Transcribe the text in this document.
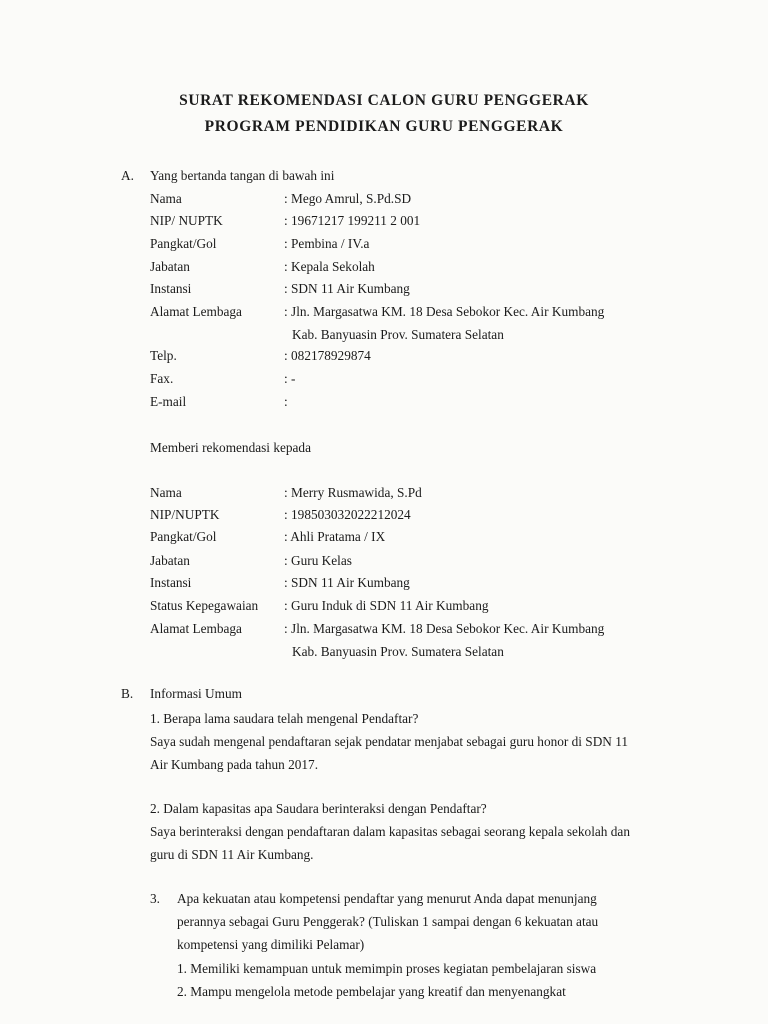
SURAT REKOMENDASI CALON GURU PENGGERAK
PROGRAM PENDIDIKAN GURU PENGGERAK
A. Yang bertanda tangan di bawah ini
Nama	: Mego Amrul, S.Pd.SD
NIP/ NUPTK	: 19671217 199211 2 001
Pangkat/Gol	: Pembina / IV.a
Jabatan	: Kepala Sekolah
Instansi	: SDN 11 Air Kumbang
Alamat Lembaga	: Jln. Margasatwa KM. 18 Desa Sebokor Kec. Air Kumbang
Kab. Banyuasin Prov. Sumatera Selatan
Telp.	: 082178929874
Fax.	: -
E-mail	:
Memberi rekomendasi kepada
Nama	: Merry Rusmawida, S.Pd
NIP/NUPTK	: 198503032022212024
Pangkat/Gol	: Ahli Pratama / IX
Jabatan	: Guru Kelas
Instansi	: SDN 11 Air Kumbang
Status Kepegawaian : Guru Induk di SDN 11 Air Kumbang
Alamat Lembaga	: Jln. Margasatwa KM. 18 Desa Sebokor Kec. Air Kumbang
Kab. Banyuasin Prov. Sumatera Selatan
B. Informasi Umum
1. Berapa lama saudara telah mengenal Pendaftar?
Saya sudah mengenal pendaftaran sejak pendatar menjabat sebagai guru honor di SDN 11
Air Kumbang pada tahun 2017.
2. Dalam kapasitas apa Saudara berinteraksi dengan Pendaftar?
Saya berinteraksi dengan pendaftaran dalam kapasitas sebagai seorang kepala sekolah dan
guru di SDN 11 Air Kumbang.
3. Apa kekuatan atau kompetensi pendaftar yang menurut Anda dapat menunjang
perannya sebagai Guru Penggerak? (Tuliskan 1 sampai dengan 6 kekuatan atau
kompetensi yang dimiliki Pelamar)
1. Memiliki kemampuan untuk memimpin proses kegiatan pembelajaran siswa
2. Mampu mengelola metode pembelajar yang kreatif dan menyenangkat
